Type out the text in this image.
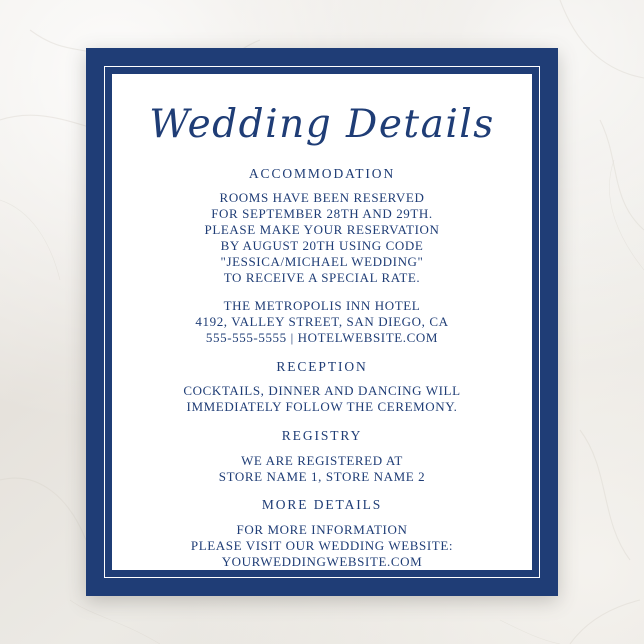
Wedding Details
ACCOMMODATION
ROOMS HAVE BEEN RESERVED
FOR SEPTEMBER 28TH AND 29TH.
PLEASE MAKE YOUR RESERVATION
BY AUGUST 20TH USING CODE
"JESSICA/MICHAEL WEDDING"
TO RECEIVE A SPECIAL RATE.
THE METROPOLIS INN HOTEL
4192, VALLEY STREET, SAN DIEGO, CA
555-555-5555 | HOTELWEBSITE.COM
RECEPTION
COCKTAILS, DINNER AND DANCING WILL
IMMEDIATELY FOLLOW THE CEREMONY.
REGISTRY
WE ARE REGISTERED AT
STORE NAME 1, STORE NAME 2
MORE DETAILS
FOR MORE INFORMATION
PLEASE VISIT OUR WEDDING WEBSITE:
YOURWEDDINGWEBSITE.COM
